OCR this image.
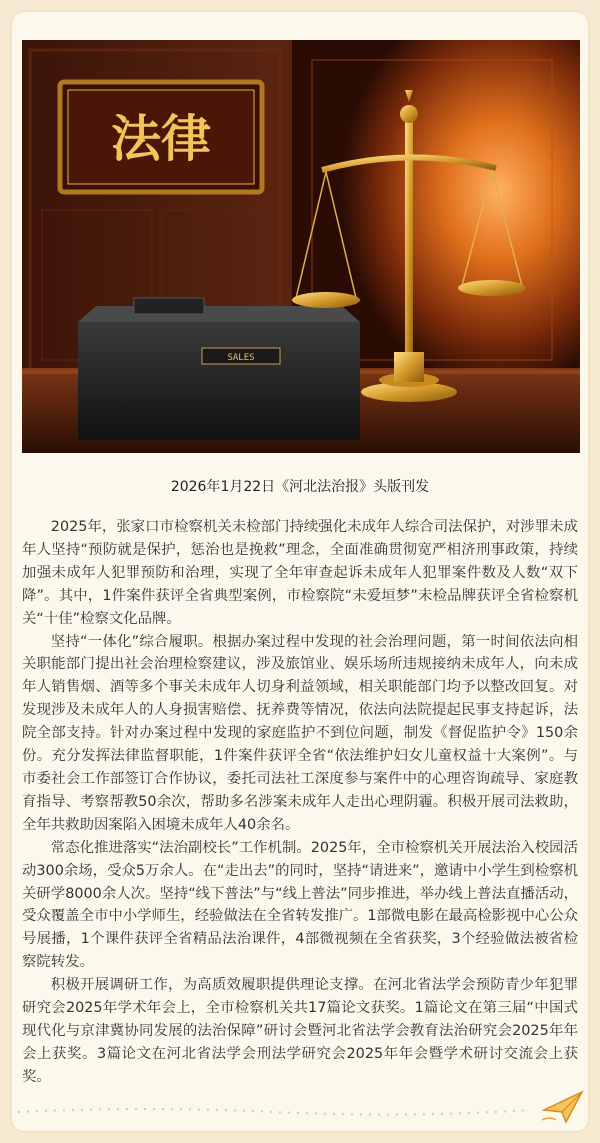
法律
SALES
2026年1月22日《河北法治报》头版刊发

2025年，张家口市检察机关未检部门持续强化未成年人综合司法保护，对涉罪未成年人坚持“预防就是保护，惩治也是挽救”理念，全面准确贯彻宽严相济刑事政策，持续加强未成年人犯罪预防和治理，实现了全年审查起诉未成年人犯罪案件数及人数“双下降”。其中，1件案件获评全省典型案例，市检察院“未爱垣梦”未检品牌获评全省检察机关“十佳”检察文化品牌。

坚持“一体化”综合履职。根据办案过程中发现的社会治理问题，第一时间依法向相关职能部门提出社会治理检察建议，涉及旅馆业、娱乐场所违规接纳未成年人，向未成年人销售烟、酒等多个事关未成年人切身利益领域，相关职能部门均予以整改回复。对发现涉及未成年人的人身损害赔偿、抚养费等情况，依法向法院提起民事支持起诉，法院全部支持。针对办案过程中发现的家庭监护不到位问题，制发《督促监护令》150余份。充分发挥法律监督职能，1件案件获评全省“依法维护妇女儿童权益十大案例”。与市委社会工作部签订合作协议，委托司法社工深度参与案件中的心理咨询疏导、家庭教育指导、考察帮教50余次，帮助多名涉案未成年人走出心理阴霾。积极开展司法救助，全年共救助因案陷入困境未成年人40余名。

常态化推进落实“法治副校长”工作机制。2025年，全市检察机关开展法治入校园活动300余场，受众5万余人。在“走出去”的同时，坚持“请进来”，邀请中小学生到检察机关研学8000余人次。坚持“线下普法”与“线上普法”同步推进，举办线上普法直播活动，受众覆盖全市中小学师生，经验做法在全省转发推广。1部微电影在最高检影视中心公众号展播，1个课件获评全省精品法治课件，4部微视频在全省获奖，3个经验做法被省检察院转发。

积极开展调研工作，为高质效履职提供理论支撑。在河北省法学会预防青少年犯罪研究会2025年学术年会上，全市检察机关共17篇论文获奖。1篇论文在第三届“中国式现代化与京津冀协同发展的法治保障”研讨会暨河北省法学会教育法治研究会2025年年会上获奖。3篇论文在河北省法学会刑法学研究会2025年年会暨学术研讨交流会上获奖。
